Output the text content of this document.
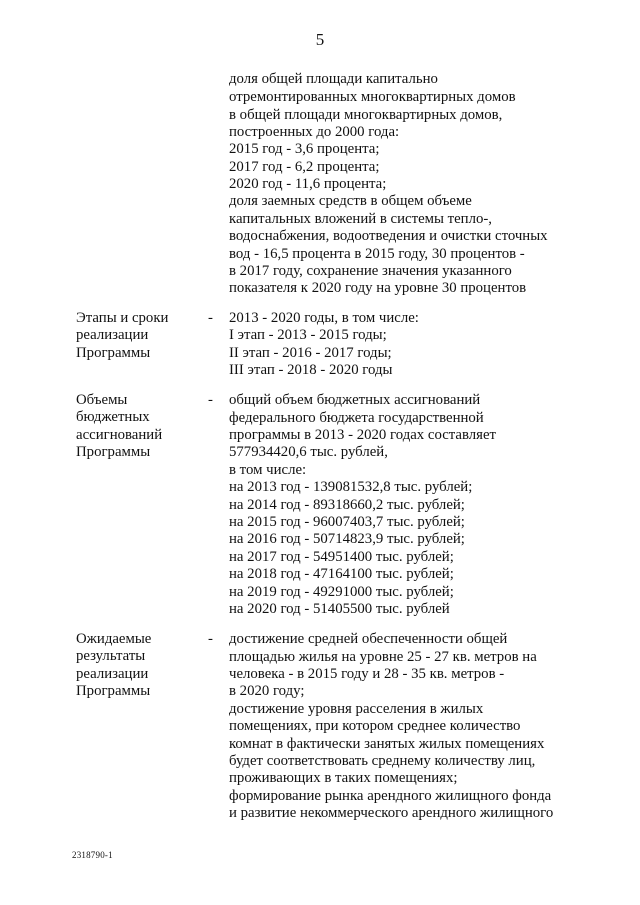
5
доля общей площади капитально
отремонтированных многоквартирных домов
в общей площади многоквартирных домов,
построенных до 2000 года:
2015 год - 3,6 процента;
2017 год - 6,2 процента;
2020 год - 11,6 процента;
доля заемных средств в общем объеме
капитальных вложений в системы тепло-,
водоснабжения, водоотведения и очистки сточных
вод - 16,5 процента в 2015 году, 30 процентов -
в 2017 году, сохранение значения указанного
показателя к 2020 году на уровне 30 процентов
Этапы и сроки
реализации
Программы
- 2013 - 2020 годы, в том числе:
I этап - 2013 - 2015 годы;
II этап - 2016 - 2017 годы;
III этап - 2018 - 2020 годы
Объемы
бюджетных
ассигнований
Программы
- общий объем бюджетных ассигнований
федерального бюджета государственной
программы в 2013 - 2020 годах составляет
577934420,6 тыс. рублей,
в том числе:
на 2013 год - 139081532,8 тыс. рублей;
на 2014 год - 89318660,2 тыс. рублей;
на 2015 год - 96007403,7 тыс. рублей;
на 2016 год - 50714823,9 тыс. рублей;
на 2017 год - 54951400 тыс. рублей;
на 2018 год - 47164100 тыс. рублей;
на 2019 год - 49291000 тыс. рублей;
на 2020 год - 51405500 тыс. рублей
Ожидаемые
результаты
реализации
Программы
- достижение средней обеспеченности общей
площадью жилья на уровне 25 - 27 кв. метров на
человека - в 2015 году и 28 - 35 кв. метров -
в 2020 году;
достижение уровня расселения в жилых
помещениях, при котором среднее количество
комнат в фактически занятых жилых помещениях
будет соответствовать среднему количеству лиц,
проживающих в таких помещениях;
формирование рынка арендного жилищного фонда
и развитие некоммерческого арендного жилищного
2318790-1
